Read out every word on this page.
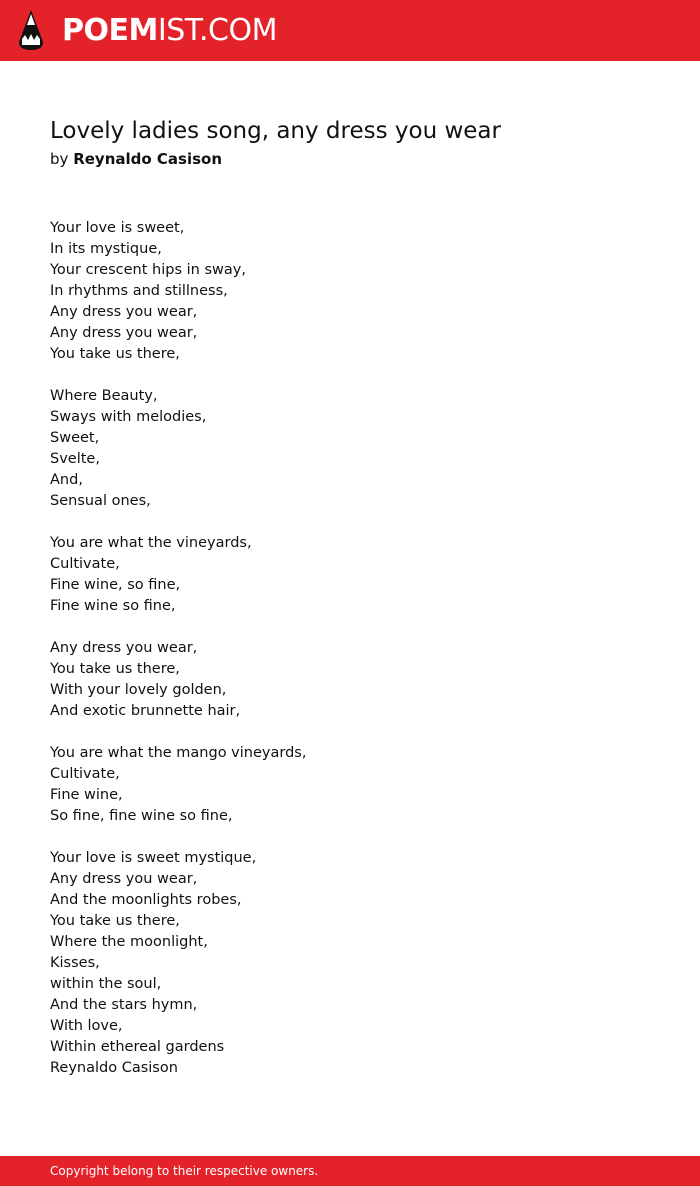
POEMIST.COM
Lovely ladies song, any dress you wear
by Reynaldo Casison
Your love is sweet,
In its mystique,
Your crescent hips in sway,
In rhythms and stillness,
Any dress you wear,
Any dress you wear,
You take us there,
Where Beauty,
Sways with melodies,
Sweet,
Svelte,
And,
Sensual ones,
You are what the vineyards,
Cultivate,
Fine wine, so fine,
Fine wine so fine,
Any dress you wear,
You take us there,
With your lovely golden,
And exotic brunnette hair,
You are what the mango vineyards,
Cultivate,
Fine wine,
So fine, fine wine so fine,
Your love is sweet mystique,
Any dress you wear,
And the moonlights robes,
You take us there,
Where the moonlight,
Kisses,
within the soul,
And the stars hymn,
With love,
Within ethereal gardens
Reynaldo Casison
Copyright belong to their respective owners.
